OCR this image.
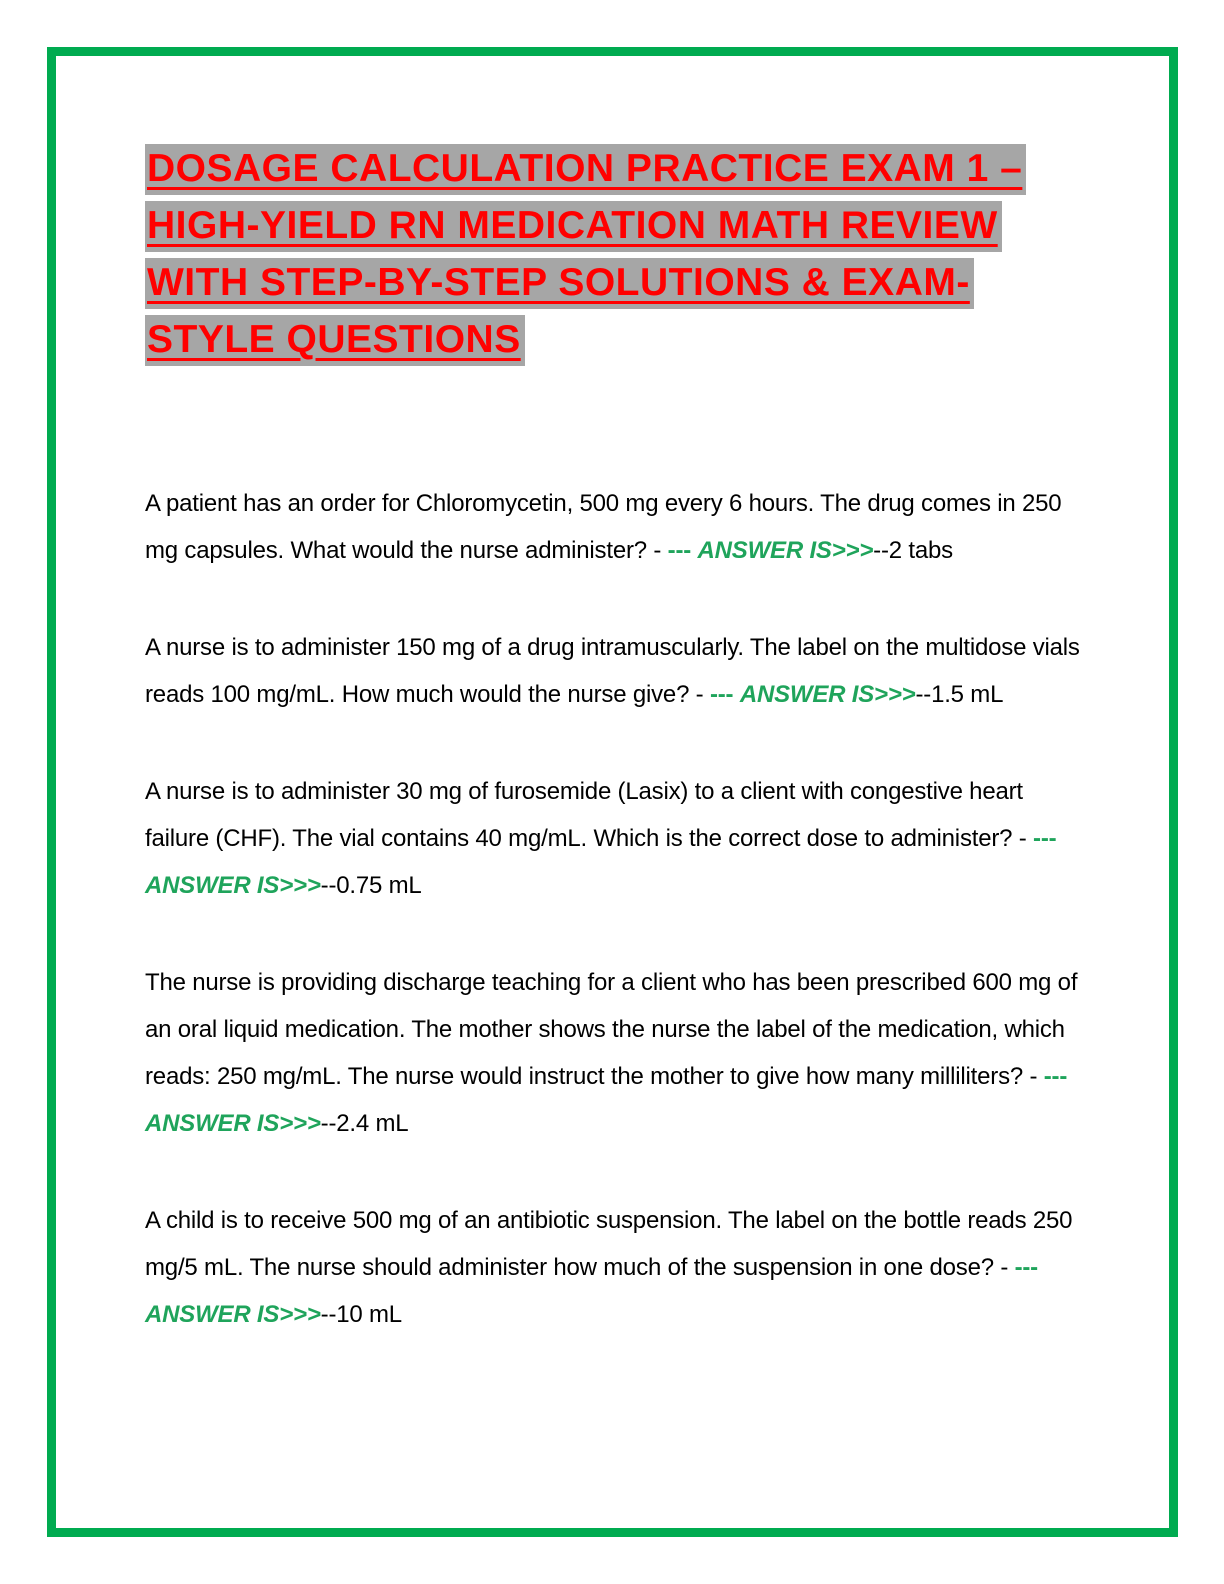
DOSAGE CALCULATION PRACTICE EXAM 1 – HIGH-YIELD RN MEDICATION MATH REVIEW WITH STEP-BY-STEP SOLUTIONS & EXAM-STYLE QUESTIONS

A patient has an order for Chloromycetin, 500 mg every 6 hours. The drug comes in 250 mg capsules. What would the nurse administer? - --- ANSWER IS>>>--2 tabs

A nurse is to administer 150 mg of a drug intramuscularly. The label on the multidose vials reads 100 mg/mL. How much would the nurse give? - --- ANSWER IS>>>--1.5 mL

A nurse is to administer 30 mg of furosemide (Lasix) to a client with congestive heart failure (CHF). The vial contains 40 mg/mL. Which is the correct dose to administer? - --- ANSWER IS>>>--0.75 mL

The nurse is providing discharge teaching for a client who has been prescribed 600 mg of an oral liquid medication. The mother shows the nurse the label of the medication, which reads: 250 mg/mL. The nurse would instruct the mother to give how many milliliters? - --- ANSWER IS>>>--2.4 mL

A child is to receive 500 mg of an antibiotic suspension. The label on the bottle reads 250 mg/5 mL. The nurse should administer how much of the suspension in one dose? - --- ANSWER IS>>>--10 mL
